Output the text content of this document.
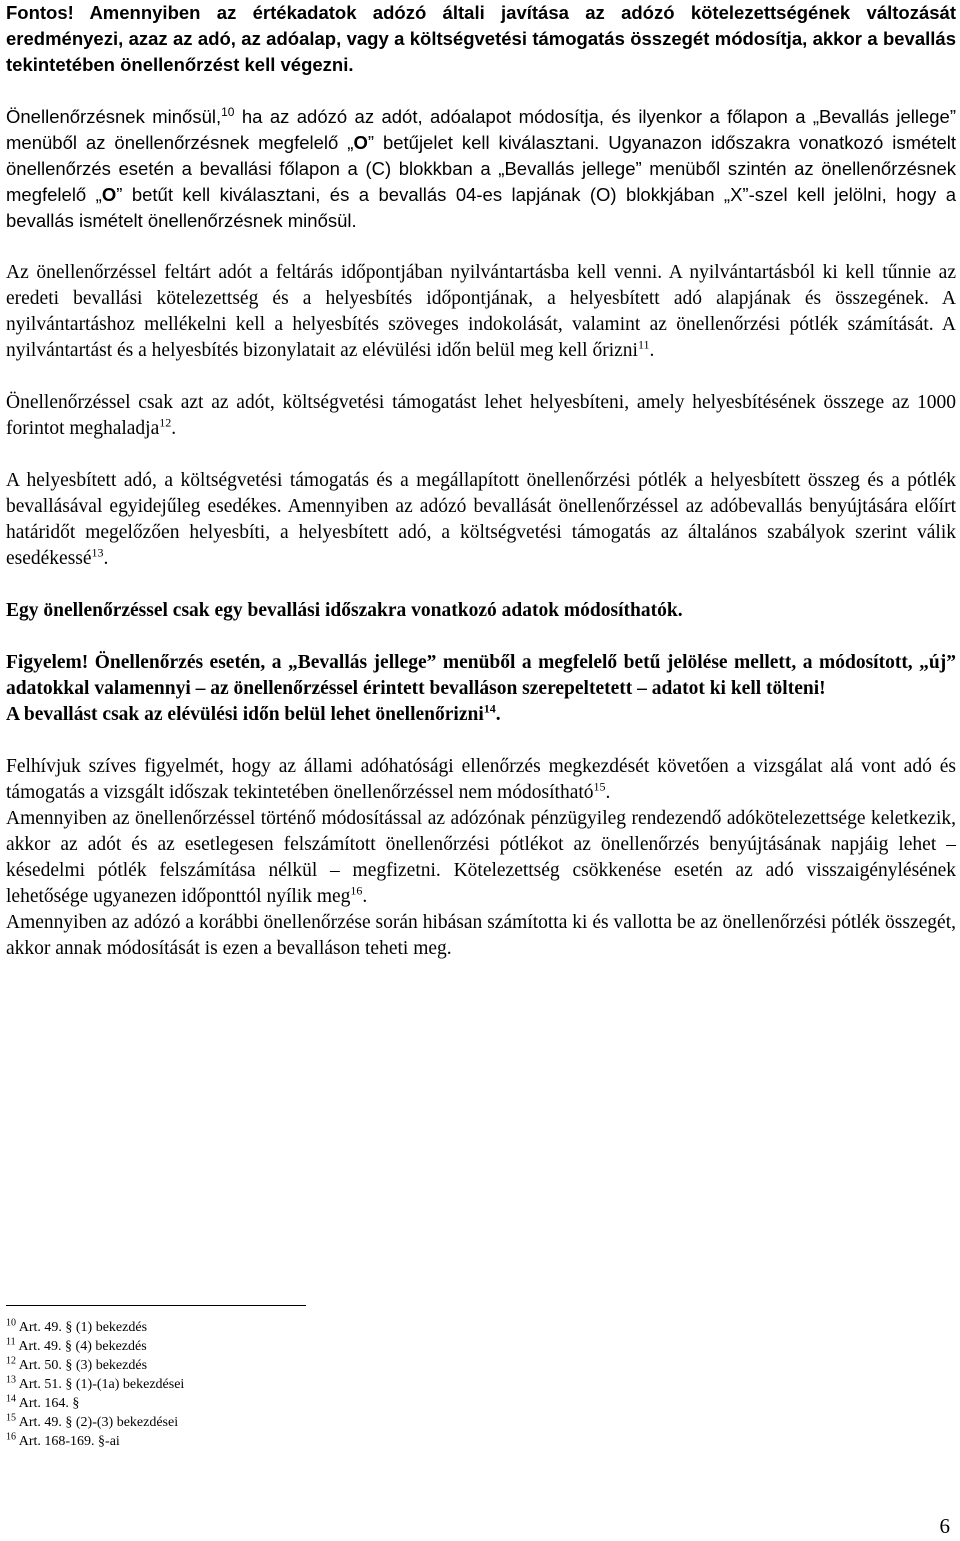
Fontos! Amennyiben az értékadatok adózó általi javítása az adózó kötelezettségének változását eredményezi, azaz az adó, az adóalap, vagy a költségvetési támogatás összegét módosítja, akkor a bevallás tekintetében önellenőrzést kell végezni.

Önellenőrzésnek minősül,$^{10}$ ha az adózó az adót, adóalapot módosítja, és ilyenkor a főlapon a „Bevallás jellege” menüből az önellenőrzésnek megfelelő „O” betűjelet kell kiválasztani. Ugyanazon időszakra vonatkozó ismételt önellenőrzés esetén a bevallási főlapon a (C) blokkban a „Bevallás jellege” menüből szintén az önellenőrzésnek megfelelő „O” betűt kell kiválasztani, és a bevallás 04-es lapjának (O) blokkjában „X”-szel kell jelölni, hogy a bevallás ismételt önellenőrzésnek minősül.

Az önellenőrzéssel feltárt adót a feltárás időpontjában nyilvántartásba kell venni. A nyilvántartásból ki kell tűnnie az eredeti bevallási kötelezettség és a helyesbítés időpontjának, a helyesbített adó alapjának és összegének. A nyilvántartáshoz mellékelni kell a helyesbítés szöveges indokolását, valamint az önellenőrzési pótlék számítását. A nyilvántartást és a helyesbítés bizonylatait az elévülési időn belül meg kell őrizni$^{11}$.

Önellenőrzéssel csak azt az adót, költségvetési támogatást lehet helyesbíteni, amely helyesbítésének összege az 1000 forintot meghaladja$^{12}$.

A helyesbített adó, a költségvetési támogatás és a megállapított önellenőrzési pótlék a helyesbített összeg és a pótlék bevallásával egyidejűleg esedékes. Amennyiben az adózó bevallását önellenőrzéssel az adóbevallás benyújtására előírt határidőt megelőzően helyesbíti, a helyesbített adó, a költségvetési támogatás az általános szabályok szerint válik esedékessé$^{13}$.

Egy önellenőrzéssel csak egy bevallási időszakra vonatkozó adatok módosíthatók.

Figyelem! Önellenőrzés esetén, a „Bevallás jellege” menüből a megfelelő betű jelölése mellett, a módosított, „új” adatokkal valamennyi – az önellenőrzéssel érintett bevalláson szerepeltetett – adatot ki kell tölteni!
A bevallást csak az elévülési időn belül lehet önellenőrizni$^{14}$.

Felhívjuk szíves figyelmét, hogy az állami adóhatósági ellenőrzés megkezdését követően a vizsgálat alá vont adó és támogatás a vizsgált időszak tekintetében önellenőrzéssel nem módosítható$^{15}$.

Amennyiben az önellenőrzéssel történő módosítással az adózónak pénzügyileg rendezendő adókötelezettsége keletkezik, akkor az adót és az esetlegesen felszámított önellenőrzési pótlékot az önellenőrzés benyújtásának napjáig lehet – késedelmi pótlék felszámítása nélkül – megfizetni. Kötelezettség csökkenése esetén az adó visszaigénylésének lehetősége ugyanezen időponttól nyílik meg$^{16}$.

Amennyiben az adózó a korábbi önellenőrzése során hibásan számította ki és vallotta be az önellenőrzési pótlék összegét, akkor annak módosítását is ezen a bevalláson teheti meg.

$^{10}$ Art. 49. § (1) bekezdés
$^{11}$ Art. 49. § (4) bekezdés
$^{12}$ Art. 50. § (3) bekezdés
$^{13}$ Art. 51. § (1)-(1a) bekezdései
$^{14}$ Art. 164. §
$^{15}$ Art. 49. § (2)-(3) bekezdései
$^{16}$ Art. 168-169. §-ai
6
